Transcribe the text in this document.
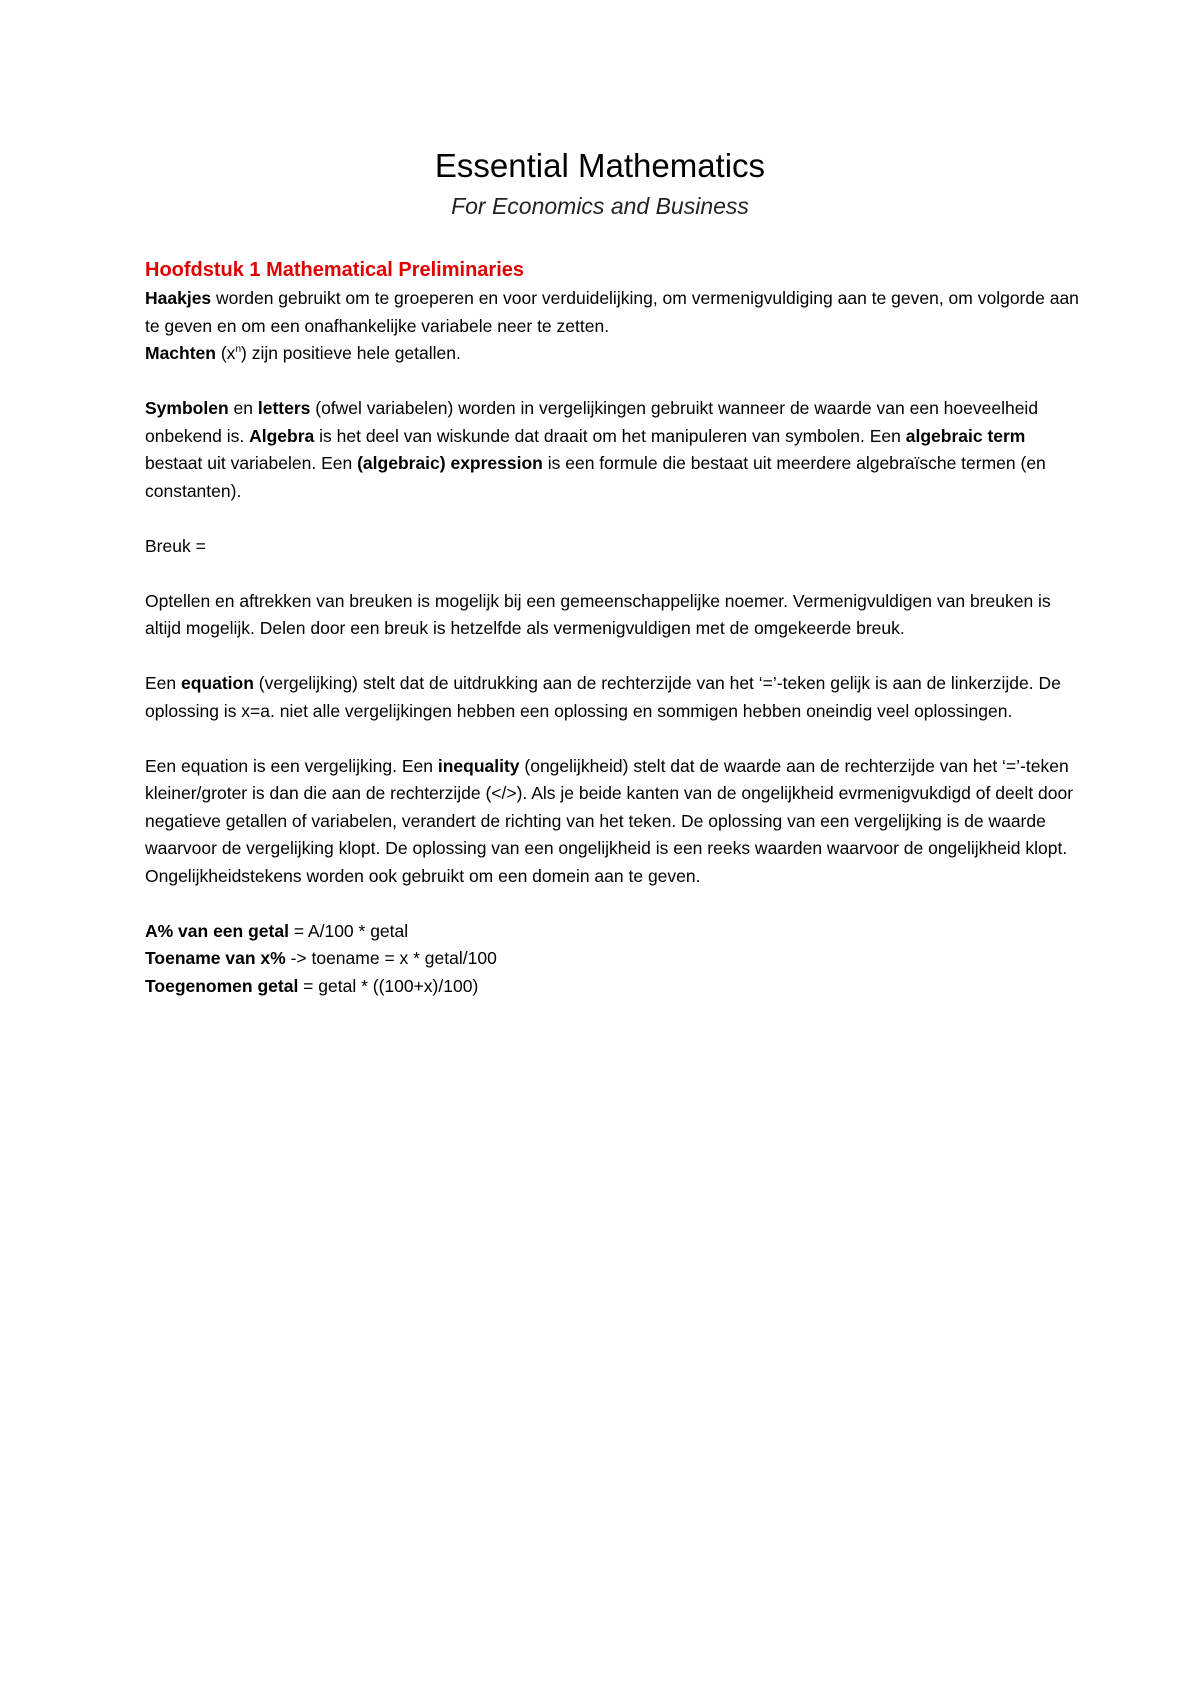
Essential Mathematics
For Economics and Business

Hoofdstuk 1 Mathematical Preliminaries

Haakjes worden gebruikt om te groeperen en voor verduidelijking, om vermenigvuldiging aan te geven, om volgorde aan te geven en om een onafhankelijke variabele neer te zetten.
Machten $(x^n)$ zijn positieve hele getallen.

Symbolen en letters (ofwel variabelen) worden in vergelijkingen gebruikt wanneer de waarde van een hoeveelheid onbekend is. Algebra is het deel van wiskunde dat draait om het manipuleren van symbolen. Een algebraic term bestaat uit variabelen. Een (algebraic) expression is een formule die bestaat uit meerdere algebraïsche termen (en constanten).

Breuk =

Optellen en aftrekken van breuken is mogelijk bij een gemeenschappelijke noemer. Vermenigvuldigen van breuken is altijd mogelijk. Delen door een breuk is hetzelfde als vermenigvuldigen met de omgekeerde breuk.

Een equation (vergelijking) stelt dat de uitdrukking aan de rechterzijde van het ‘=’-teken gelijk is aan de linkerzijde. De oplossing is x=a. niet alle vergelijkingen hebben een oplossing en sommigen hebben oneindig veel oplossingen.

Een equation is een vergelijking. Een inequality (ongelijkheid) stelt dat de waarde aan de rechterzijde van het ‘=’-teken kleiner/groter is dan die aan de rechterzijde (</>). Als je beide kanten van de ongelijkheid evrmenigvukdigd of deelt door negatieve getallen of variabelen, verandert de richting van het teken. De oplossing van een vergelijking is de waarde waarvoor de vergelijking klopt. De oplossing van een ongelijkheid is een reeks waarden waarvoor de ongelijkheid klopt. Ongelijkheidstekens worden ook gebruikt om een domein aan te geven.

A% van een getal = A/100 * getal
Toename van x% -> toename = x * getal/100
Toegenomen getal = getal * ((100+x)/100)
